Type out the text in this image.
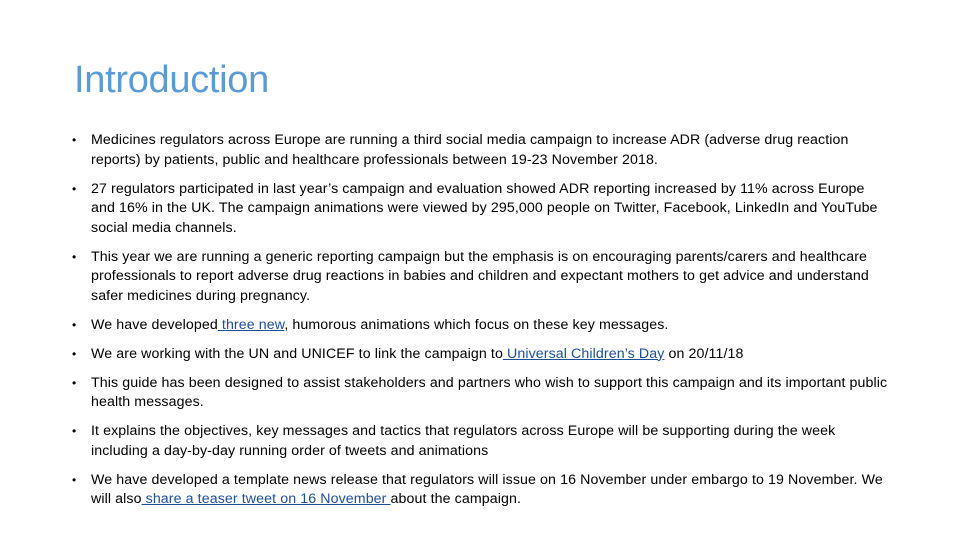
Introduction
• Medicines regulators across Europe are running a third social media campaign to increase ADR (adverse drug reaction reports) by patients, public and healthcare professionals between 19-23 November 2018.
• 27 regulators participated in last year’s campaign and evaluation showed ADR reporting increased by 11% across Europe and 16% in the UK. The campaign animations were viewed by 295,000 people on Twitter, Facebook, LinkedIn and YouTube social media channels.
• This year we are running a generic reporting campaign but the emphasis is on encouraging parents/carers and healthcare professionals to report adverse drug reactions in babies and children and expectant mothers to get advice and understand safer medicines during pregnancy.
• We have developed three new, humorous animations which focus on these key messages.
• We are working with the UN and UNICEF to link the campaign to Universal Children’s Day on 20/11/18
• This guide has been designed to assist stakeholders and partners who wish to support this campaign and its important public health messages.
• It explains the objectives, key messages and tactics that regulators across Europe will be supporting during the week including a day-by-day running order of tweets and animations
• We have developed a template news release that regulators will issue on 16 November under embargo to 19 November. We will also share a teaser tweet on 16 November about the campaign.
